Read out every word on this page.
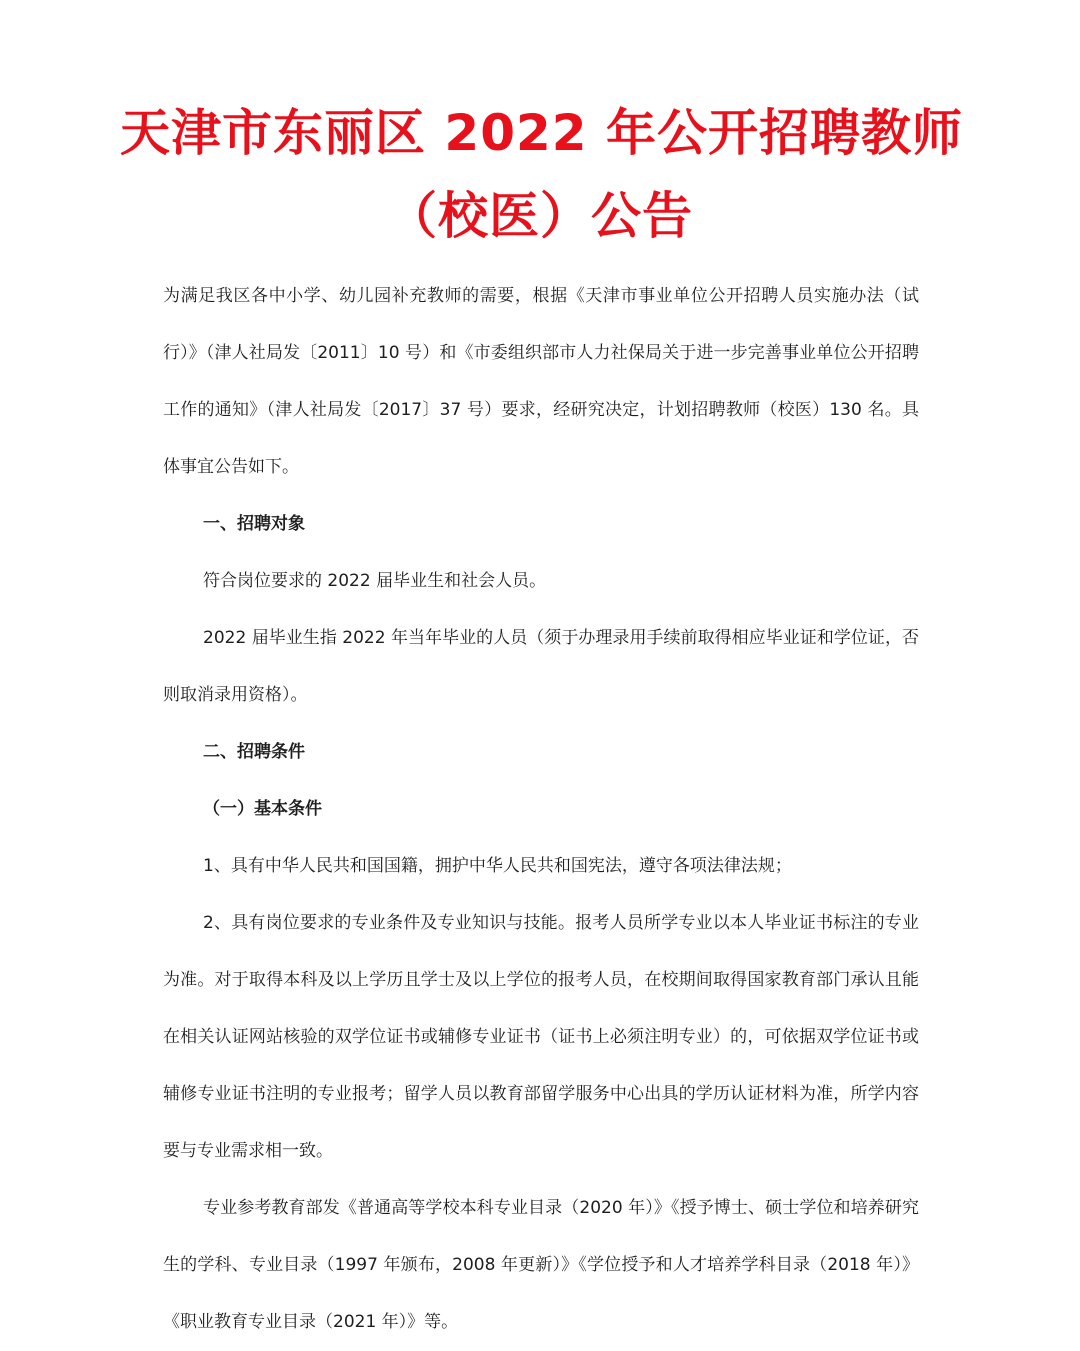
天津市东丽区 2022 年公开招聘教师
（校医）公告

为满足我区各中小学、幼儿园补充教师的需要，根据《天津市事业单位公开招聘人员实施办法（试行）》（津人社局发〔2011〕10 号）和《市委组织部市人力社保局关于进一步完善事业单位公开招聘工作的通知》（津人社局发〔2017〕37 号）要求，经研究决定，计划招聘教师（校医）130 名。具体事宜公告如下。

一、招聘对象

符合岗位要求的 2022 届毕业生和社会人员。

2022 届毕业生指 2022 年当年毕业的人员（须于办理录用手续前取得相应毕业证和学位证，否则取消录用资格）。

二、招聘条件

（一）基本条件

1、具有中华人民共和国国籍，拥护中华人民共和国宪法，遵守各项法律法规；

2、具有岗位要求的专业条件及专业知识与技能。报考人员所学专业以本人毕业证书标注的专业为准。对于取得本科及以上学历且学士及以上学位的报考人员，在校期间取得国家教育部门承认且能在相关认证网站核验的双学位证书或辅修专业证书（证书上必须注明专业）的，可依据双学位证书或辅修专业证书注明的专业报考；留学人员以教育部留学服务中心出具的学历认证材料为准，所学内容要与专业需求相一致。

专业参考教育部发《普通高等学校本科专业目录（2020 年）》《授予博士、硕士学位和培养研究生的学科、专业目录（1997 年颁布，2008 年更新）》《学位授予和人才培养学科目录（2018 年）》《职业教育专业目录（2021 年）》等。
